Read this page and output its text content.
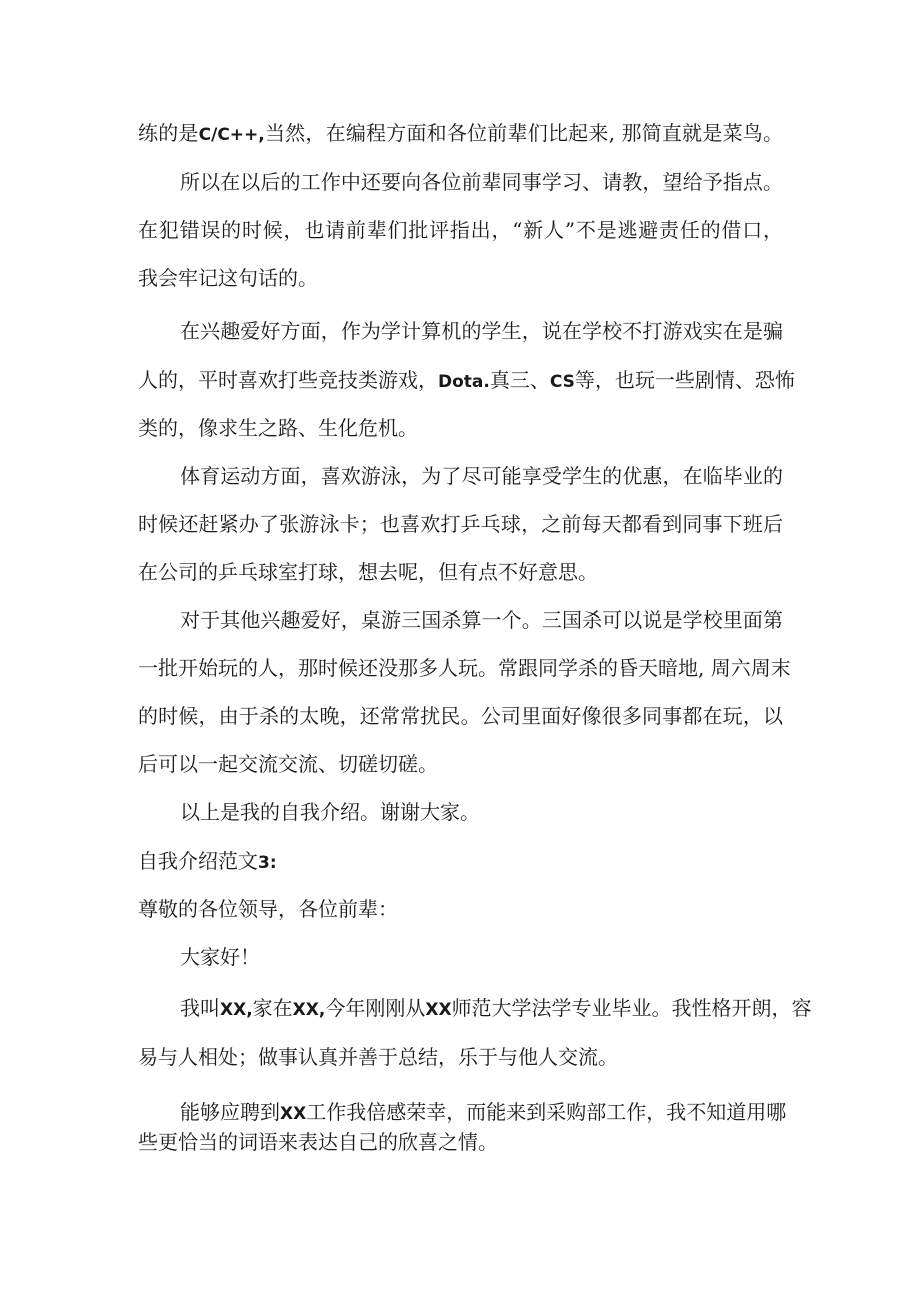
练的是C/C++,当然，在编程方面和各位前辈们比起来, 那简直就是菜鸟。
所以在以后的工作中还要向各位前辈同事学习、请教，望给予指点。
在犯错误的时候，也请前辈们批评指出，“新人”不是逃避责任的借口，
我会牢记这句话的。
在兴趣爱好方面，作为学计算机的学生，说在学校不打游戏实在是骗
人的，平时喜欢打些竞技类游戏，Dota.真三、CS等，也玩一些剧情、恐怖
类的，像求生之路、生化危机。
体育运动方面，喜欢游泳，为了尽可能享受学生的优惠，在临毕业的
时候还赶紧办了张游泳卡；也喜欢打乒乓球，之前每天都看到同事下班后
在公司的乒乓球室打球，想去呢，但有点不好意思。
对于其他兴趣爱好，桌游三国杀算一个。三国杀可以说是学校里面第
一批开始玩的人，那时候还没那多人玩。常跟同学杀的昏天暗地, 周六周末
的时候，由于杀的太晚，还常常扰民。公司里面好像很多同事都在玩，以
后可以一起交流交流、切磋切磋。
以上是我的自我介绍。谢谢大家。
自我介绍范文3:
尊敬的各位领导，各位前辈：
大家好！
我叫XX,家在XX,今年刚刚从XX师范大学法学专业毕业。我性格开朗，容
易与人相处；做事认真并善于总结，乐于与他人交流。
能够应聘到XX工作我倍感荣幸，而能来到采购部工作，我不知道用哪
些更恰当的词语来表达自己的欣喜之情。
